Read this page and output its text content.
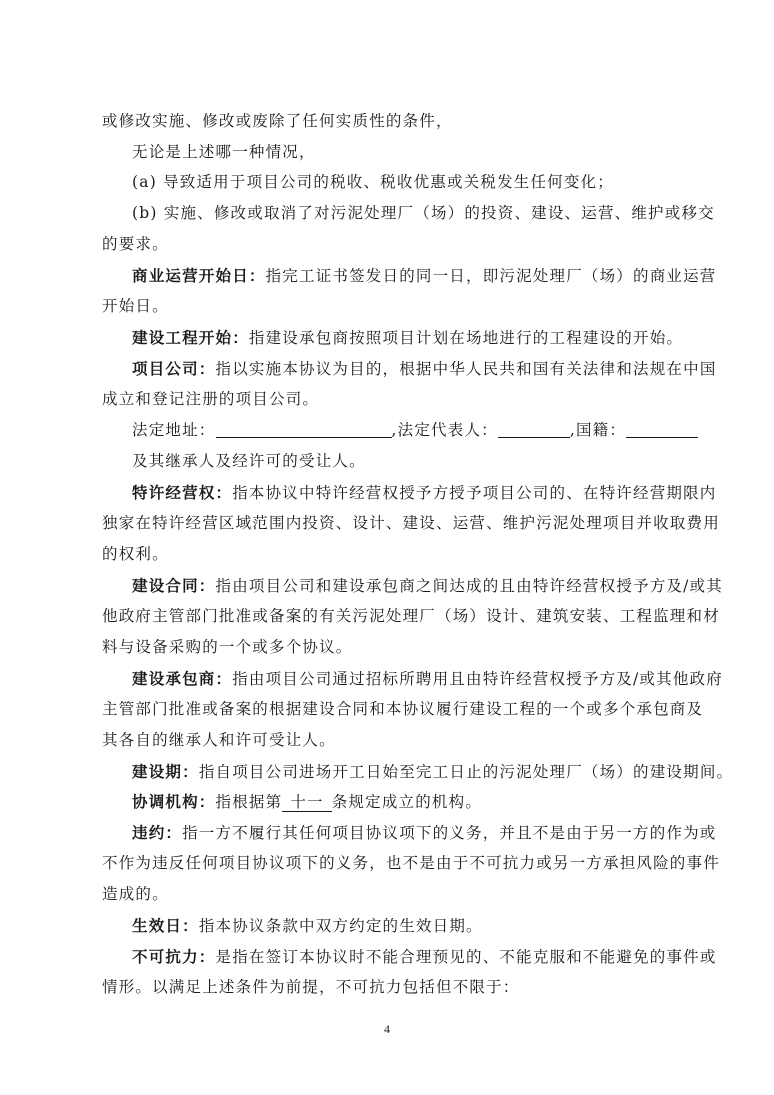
或修改实施、修改或废除了任何实质性的条件，
无论是上述哪一种情况，
(a) 导致适用于项目公司的税收、税收优惠或关税发生任何变化；
(b) 实施、修改或取消了对污泥处理厂（场）的投资、建设、运营、维护或移交
的要求。
商业运营开始日：指完工证书签发日的同一日，即污泥处理厂（场）的商业运营
开始日。
建设工程开始：指建设承包商按照项目计划在场地进行的工程建设的开始。
项目公司：指以实施本协议为目的，根据中华人民共和国有关法律和法规在中国
成立和登记注册的项目公司。
法定地址：	,法定代表人：	,国籍：
及其继承人及经许可的受让人。
特许经营权：指本协议中特许经营权授予方授予项目公司的、在特许经营期限内
独家在特许经营区域范围内投资、设计、建设、运营、维护污泥处理项目并收取费用
的权利。
建设合同：指由项目公司和建设承包商之间达成的且由特许经营权授予方及/或其
他政府主管部门批准或备案的有关污泥处理厂（场）设计、建筑安装、工程监理和材
料与设备采购的一个或多个协议。
建设承包商：指由项目公司通过招标所聘用且由特许经营权授予方及/或其他政府
主管部门批准或备案的根据建设合同和本协议履行建设工程的一个或多个承包商及
其各自的继承人和许可受让人。
建设期：指自项目公司进场开工日始至完工日止的污泥处理厂（场）的建设期间。
协调机构：指根据第 十一 条规定成立的机构。
违约：指一方不履行其任何项目协议项下的义务，并且不是由于另一方的作为或
不作为违反任何项目协议项下的义务，也不是由于不可抗力或另一方承担风险的事件
造成的。
生效日：指本协议条款中双方约定的生效日期。
不可抗力：是指在签订本协议时不能合理预见的、不能克服和不能避免的事件或
情形。以满足上述条件为前提，不可抗力包括但不限于：
4
